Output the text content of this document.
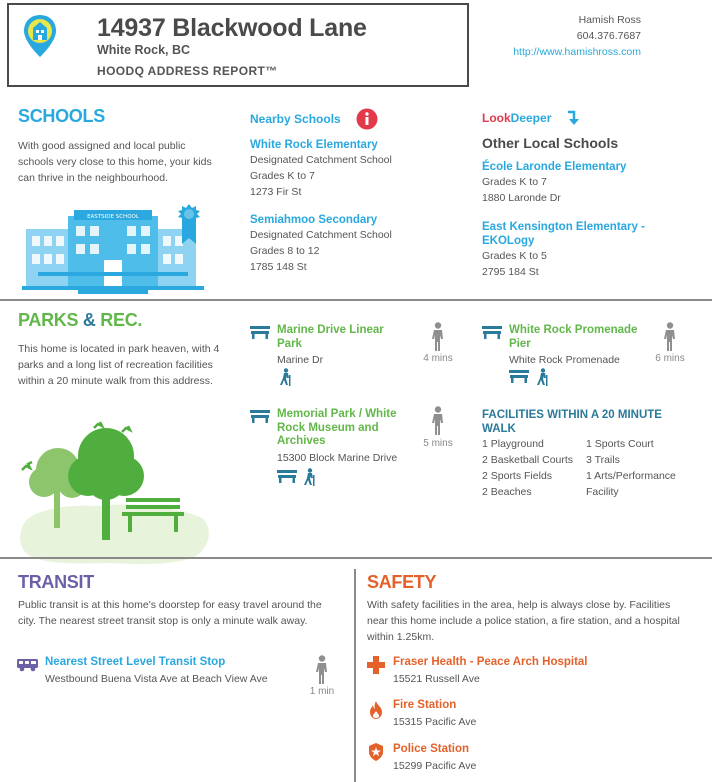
14937 Blackwood Lane
White Rock, BC
HOODQ ADDRESS REPORT™
Hamish Ross
604.376.7687
http://www.hamishross.com
SCHOOLS
With good assigned and local public schools very close to this home, your kids can thrive in the neighbourhood.
EASTSIDE SCHOOL
Nearby Schools
White Rock Elementary
Designated Catchment School
Grades K to 7
1273 Fir St
Semiahmoo Secondary
Designated Catchment School
Grades 8 to 12
1785 148 St
LookDeeper
Other Local Schools
École Laronde Elementary
Grades K to 7
1880 Laronde Dr
East Kensington Elementary - EKOLogy
Grades K to 5
2795 184 St
PARKS & REC.
This home is located in park heaven, with 4 parks and a long list of recreation facilities within a 20 minute walk from this address.
Marine Drive Linear Park
Marine Dr	4 mins
White Rock Promenade Pier
White Rock Promenade	6 mins
Memorial Park / White Rock Museum and Archives
15300 Block Marine Drive
5 mins
FACILITIES WITHIN A 20 MINUTE WALK
1 Playground
2 Basketball Courts
2 Sports Fields
2 Beaches
1 Sports Court
3 Trails
1 Arts/Performance Facility
TRANSIT
Public transit is at this home's doorstep for easy travel around the city. The nearest street transit stop is only a minute walk away.
Nearest Street Level Transit Stop
Westbound Buena Vista Ave at Beach View Ave
1 min
SAFETY
With safety facilities in the area, help is always close by. Facilities near this home include a police station, a fire station, and a hospital within 1.25km.
Fraser Health - Peace Arch Hospital
15521 Russell Ave
Fire Station
15315 Pacific Ave
Police Station
15299 Pacific Ave
